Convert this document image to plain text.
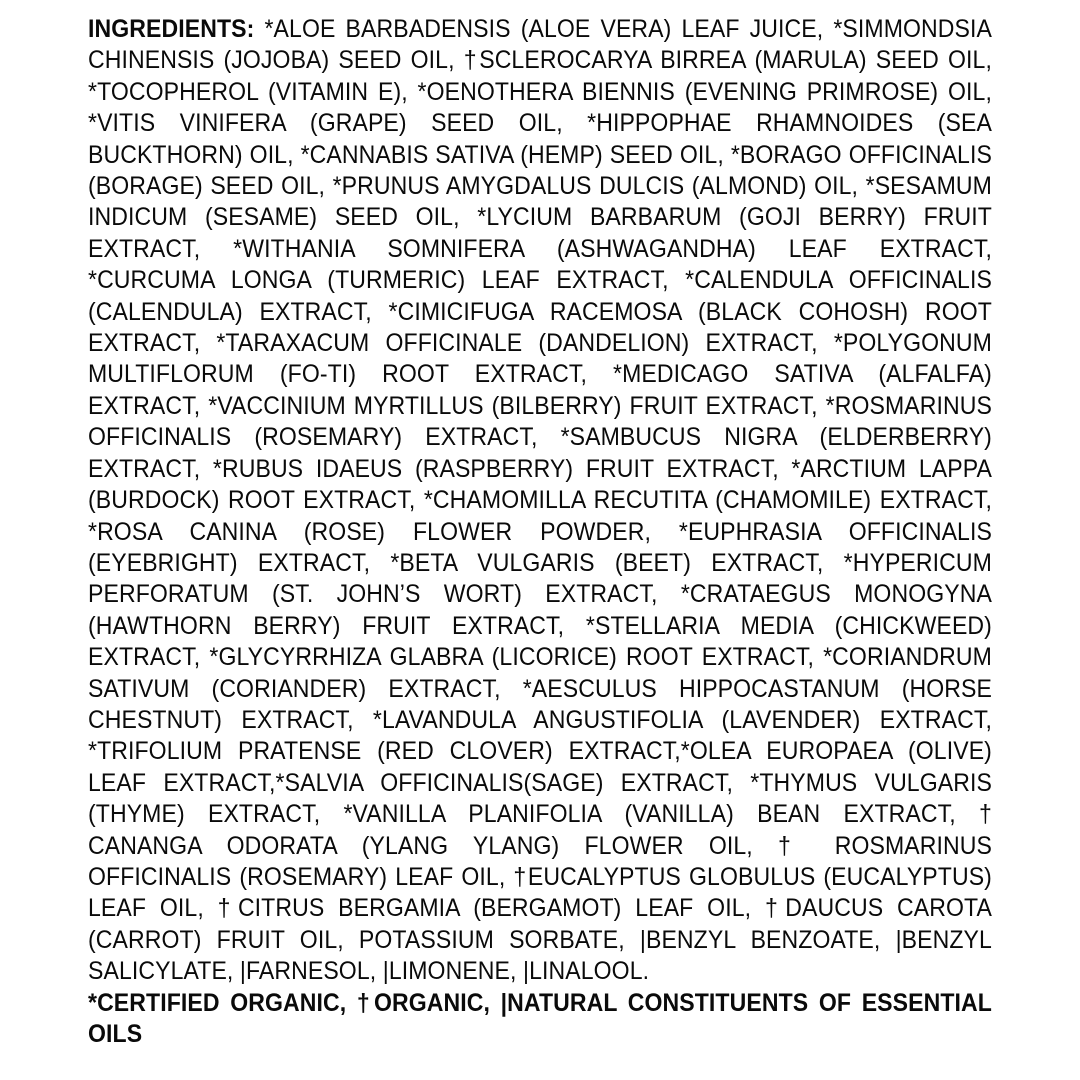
INGREDIENTS: *ALOE BARBADENSIS (ALOE VERA) LEAF JUICE, *SIMMONDSIA CHINENSIS (JOJOBA) SEED OIL, †SCLEROCARYA BIRREA (MARULA) SEED OIL, *TOCOPHEROL (VITAMIN E), *OENOTHERA BIENNIS (EVENING PRIMROSE) OIL, *VITIS VINIFERA (GRAPE) SEED OIL, *HIPPOPHAE RHAMNOIDES (SEA BUCKTHORN) OIL, *CANNABIS SATIVA (HEMP) SEED OIL, *BORAGO OFFICINALIS (BORAGE) SEED OIL, *PRUNUS AMYGDALUS DULCIS (ALMOND) OIL, *SESAMUM INDICUM (SESAME) SEED OIL, *LYCIUM BARBARUM (GOJI BERRY) FRUIT EXTRACT, *WITHANIA SOMNIFERA (ASHWAGANDHA) LEAF EXTRACT, *CURCUMA LONGA (TURMERIC) LEAF EXTRACT, *CALENDULA OFFICINALIS (CALENDULA) EXTRACT, *CIMICIFUGA RACEMOSA (BLACK COHOSH) ROOT EXTRACT, *TARAXACUM OFFICINALE (DANDELION) EXTRACT, *POLYGONUM MULTIFLORUM (FO-TI) ROOT EXTRACT, *MEDICAGO SATIVA (ALFALFA) EXTRACT, *VACCINIUM MYRTILLUS (BILBERRY) FRUIT EXTRACT, *ROSMARINUS OFFICINALIS (ROSEMARY) EXTRACT, *SAMBUCUS NIGRA (ELDERBERRY) EXTRACT, *RUBUS IDAEUS (RASPBERRY) FRUIT EXTRACT, *ARCTIUM LAPPA (BURDOCK) ROOT EXTRACT, *CHAMOMILLA RECUTITA (CHAMOMILE) EXTRACT, *ROSA CANINA (ROSE) FLOWER POWDER, *EUPHRASIA OFFICINALIS (EYEBRIGHT) EXTRACT, *BETA VULGARIS (BEET) EXTRACT, *HYPERICUM PERFORATUM (ST. JOHN’S WORT) EXTRACT, *CRATAEGUS MONOGYNA (HAWTHORN BERRY) FRUIT EXTRACT, *STELLARIA MEDIA (CHICKWEED) EXTRACT, *GLYCYRRHIZA GLABRA (LICORICE) ROOT EXTRACT, *CORIANDRUM SATIVUM (CORIANDER) EXTRACT, *AESCULUS HIPPOCASTANUM (HORSE CHESTNUT) EXTRACT, *LAVANDULA ANGUSTIFOLIA (LAVENDER) EXTRACT, *TRIFOLIUM PRATENSE (RED CLOVER) EXTRACT,*OLEA EUROPAEA (OLIVE) LEAF EXTRACT,*SALVIA OFFICINALIS(SAGE) EXTRACT, *THYMUS VULGARIS (THYME) EXTRACT, *VANILLA PLANIFOLIA (VANILLA) BEAN EXTRACT, † CANANGA ODORATA (YLANG YLANG) FLOWER OIL, † ROSMARINUS OFFICINALIS (ROSEMARY) LEAF OIL, †EUCALYPTUS GLOBULUS (EUCALYPTUS) LEAF OIL, †CITRUS BERGAMIA (BERGAMOT) LEAF OIL, †DAUCUS CAROTA (CARROT) FRUIT OIL, POTASSIUM SORBATE, |BENZYL BENZOATE, |BENZYL SALICYLATE, |FARNESOL, |LIMONENE, |LINALOOL.

*CERTIFIED ORGANIC, †ORGANIC, |NATURAL CONSTITUENTS OF ESSENTIAL OILS
